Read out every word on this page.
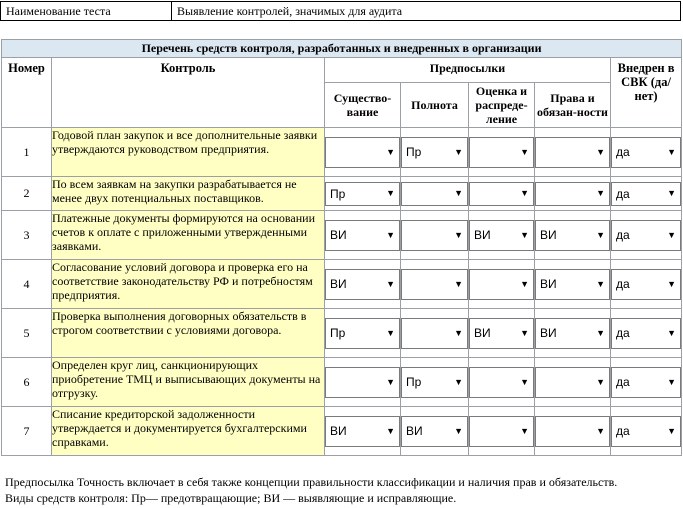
Наименование теста	Выявление контролей, значимых для аудита
Перечень средств контроля, разработанных и внедренных в организации						
Номер	Контроль	Предпосылки				Внедрен в СВК (да/нет)
		Существо-вание	Полнота	Оценка и распреде-ление	Права и обязан-ности	
1	Годовой план закупок и все дополнительные заявки утверждаются руководством предприятия.	▼	Пр ▼	▼	▼	да ▼

2	По всем заявкам на закупки разрабатывается не менее двух потенциальных поставщиков.	Пр ▼	▼	▼	▼	да ▼

3	Платежные документы формируются на основании счетов к оплате с приложенными утвержденными заявками.	ВИ ▼	▼	ВИ ▼	ВИ ▼	да ▼

4	Согласование условий договора и проверка его на соответствие законодательству РФ и потребностям предприятия.	ВИ ▼	▼	▼	ВИ ▼	да ▼

5	Проверка выполнения договорных обязательств в строгом соответствии с условиями договора.	Пр ▼	▼	ВИ ▼	ВИ ▼	да ▼

6	Определен круг лиц, санкционирующих приобретение ТМЦ и выписывающих документы на отгрузку.	▼	Пр ▼	▼	▼	да ▼

7	Списание кредиторской задолженности утверждается и документируется бухгалтерскими справками.	ВИ ▼	ВИ ▼	▼	▼	да ▼
Предпосылка Точность включает в себя также концепции правильности классификации и наличия прав и обязательств.
Виды средств контроля: Пр— предотвращающие; ВИ — выявляющие и исправляющие.
